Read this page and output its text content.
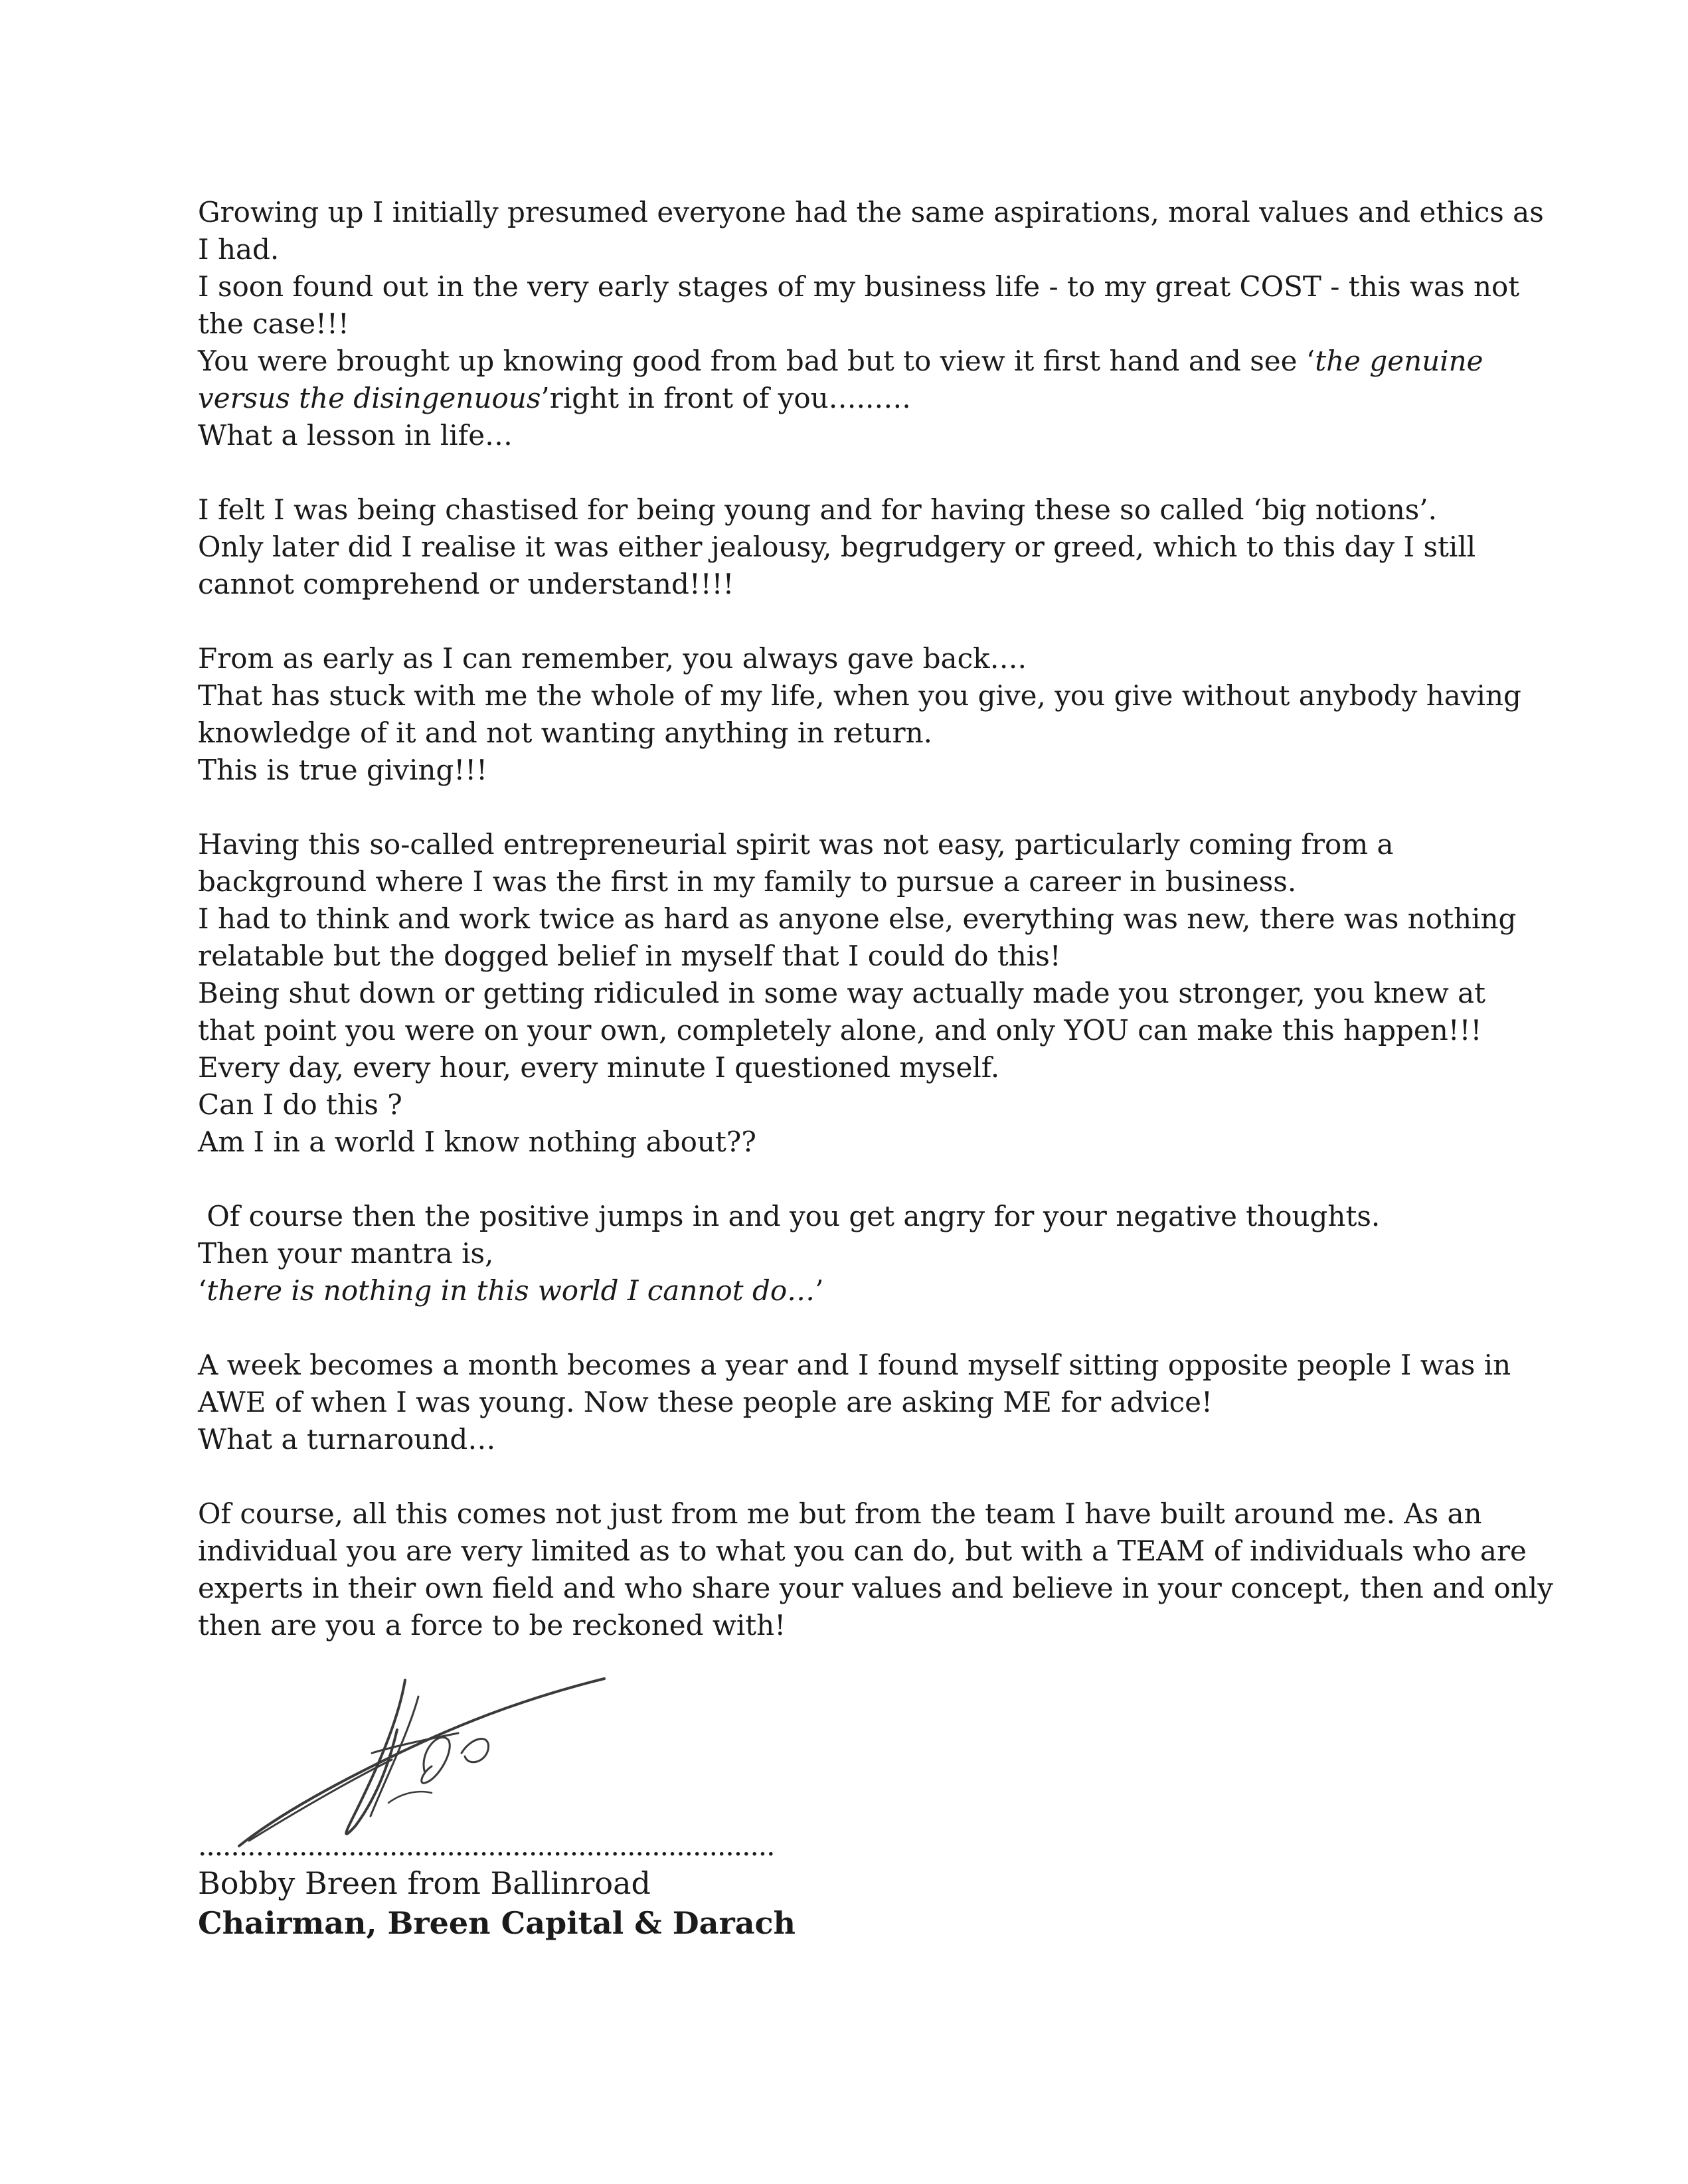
Growing up I initially presumed everyone had the same aspirations, moral values and ethics as
I had.
I soon found out in the very early stages of my business life - to my great COST - this was not
the case!!!
You were brought up knowing good from bad but to view it first hand and see ‘the genuine
versus the disingenuous’right in front of you…..….
What a lesson in life…

I felt I was being chastised for being young and for having these so called ‘big notions’.
Only later did I realise it was either jealousy, begrudgery or greed, which to this day I still
cannot comprehend or understand!!!!

From as early as I can remember, you always gave back….
That has stuck with me the whole of my life, when you give, you give without anybody having
knowledge of it and not wanting anything in return.
This is true giving!!!

Having this so-called entrepreneurial spirit was not easy, particularly coming from a
background where I was the first in my family to pursue a career in business.
I had to think and work twice as hard as anyone else, everything was new, there was nothing
relatable but the dogged belief in myself that I could do this!
Being shut down or getting ridiculed in some way actually made you stronger, you knew at
that point you were on your own, completely alone, and only YOU can make this happen!!!
Every day, every hour, every minute I questioned myself.
Can I do this ?
Am I in a world I know nothing about??

Of course then the positive jumps in and you get angry for your negative thoughts.
Then your mantra is,
‘there is nothing in this world I cannot do…’

A week becomes a month becomes a year and I found myself sitting opposite people I was in
AWE of when I was young. Now these people are asking ME for advice!
What a turnaround…

Of course, all this comes not just from me but from the team I have built around me. As an
individual you are very limited as to what you can do, but with a TEAM of individuals who are
experts in their own field and who share your values and believe in your concept, then and only
then are you a force to be reckoned with!

.......…............................................................
Bobby Breen from Ballinroad
Chairman, Breen Capital & Darach
